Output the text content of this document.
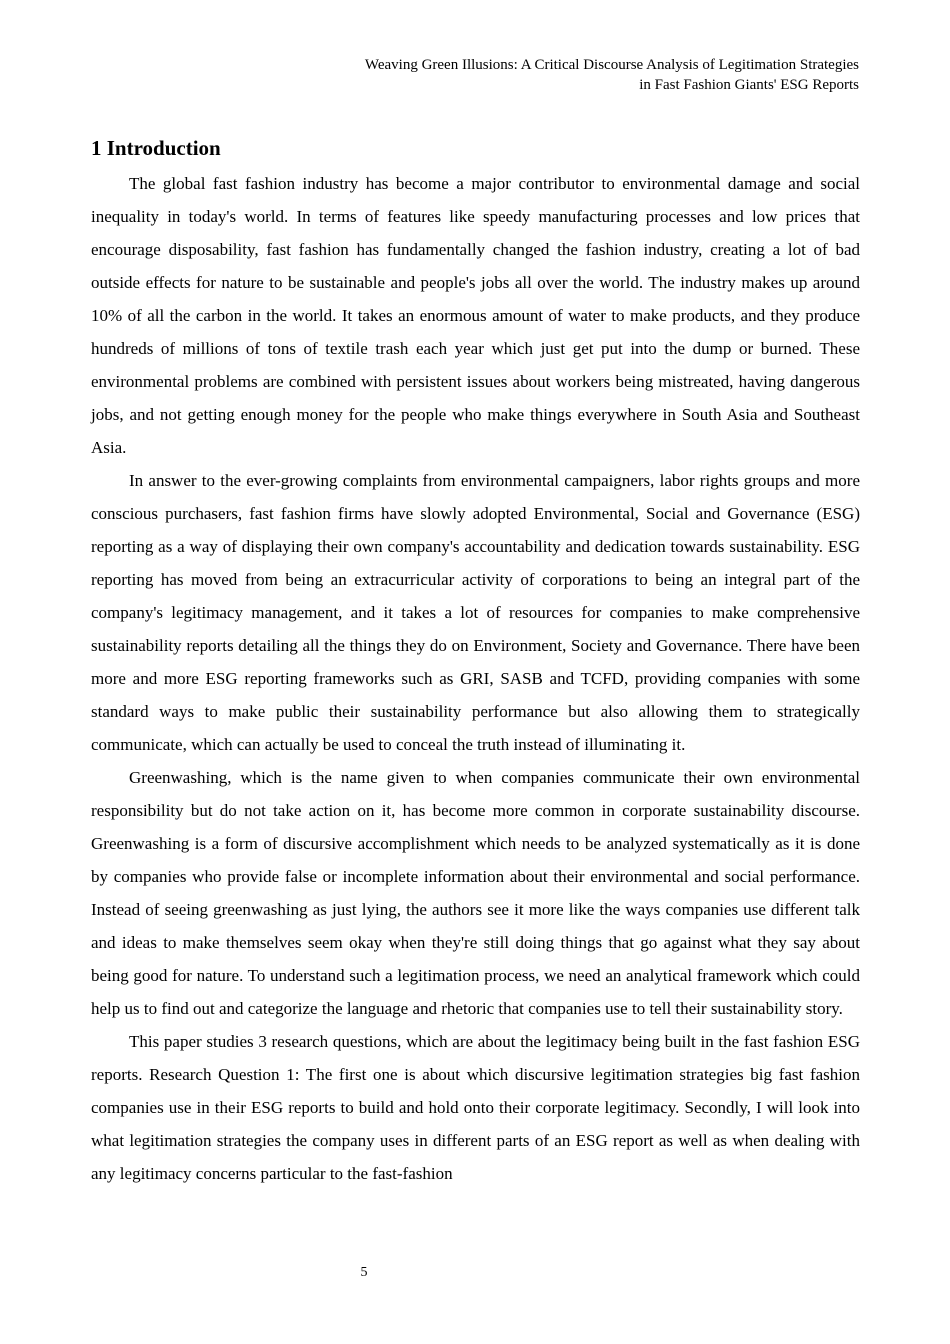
Weaving Green Illusions: A Critical Discourse Analysis of Legitimation Strategies
in Fast Fashion Giants' ESG Reports
1 Introduction

The global fast fashion industry has become a major contributor to environmental damage and social inequality in today's world. In terms of features like speedy manufacturing processes and low prices that encourage disposability, fast fashion has fundamentally changed the fashion industry, creating a lot of bad outside effects for nature to be sustainable and people's jobs all over the world. The industry makes up around 10% of all the carbon in the world. It takes an enormous amount of water to make products, and they produce hundreds of millions of tons of textile trash each year which just get put into the dump or burned. These environmental problems are combined with persistent issues about workers being mistreated, having dangerous jobs, and not getting enough money for the people who make things everywhere in South Asia and Southeast Asia.

In answer to the ever-growing complaints from environmental campaigners, labor rights groups and more conscious purchasers, fast fashion firms have slowly adopted Environmental, Social and Governance (ESG) reporting as a way of displaying their own company's accountability and dedication towards sustainability. ESG reporting has moved from being an extracurricular activity of corporations to being an integral part of the company's legitimacy management, and it takes a lot of resources for companies to make comprehensive sustainability reports detailing all the things they do on Environment, Society and Governance. There have been more and more ESG reporting frameworks such as GRI, SASB and TCFD, providing companies with some standard ways to make public their sustainability performance but also allowing them to strategically communicate, which can actually be used to conceal the truth instead of illuminating it.

Greenwashing, which is the name given to when companies communicate their own environmental responsibility but do not take action on it, has become more common in corporate sustainability discourse. Greenwashing is a form of discursive accomplishment which needs to be analyzed systematically as it is done by companies who provide false or incomplete information about their environmental and social performance. Instead of seeing greenwashing as just lying, the authors see it more like the ways companies use different talk and ideas to make themselves seem okay when they're still doing things that go against what they say about being good for nature. To understand such a legitimation process, we need an analytical framework which could help us to find out and categorize the language and rhetoric that companies use to tell their sustainability story.

This paper studies 3 research questions, which are about the legitimacy being built in the fast fashion ESG reports. Research Question 1: The first one is about which discursive legitimation strategies big fast fashion companies use in their ESG reports to build and hold onto their corporate legitimacy. Secondly, I will look into what legitimation strategies the company uses in different parts of an ESG report as well as when dealing with any legitimacy concerns particular to the fast-fashion

5
